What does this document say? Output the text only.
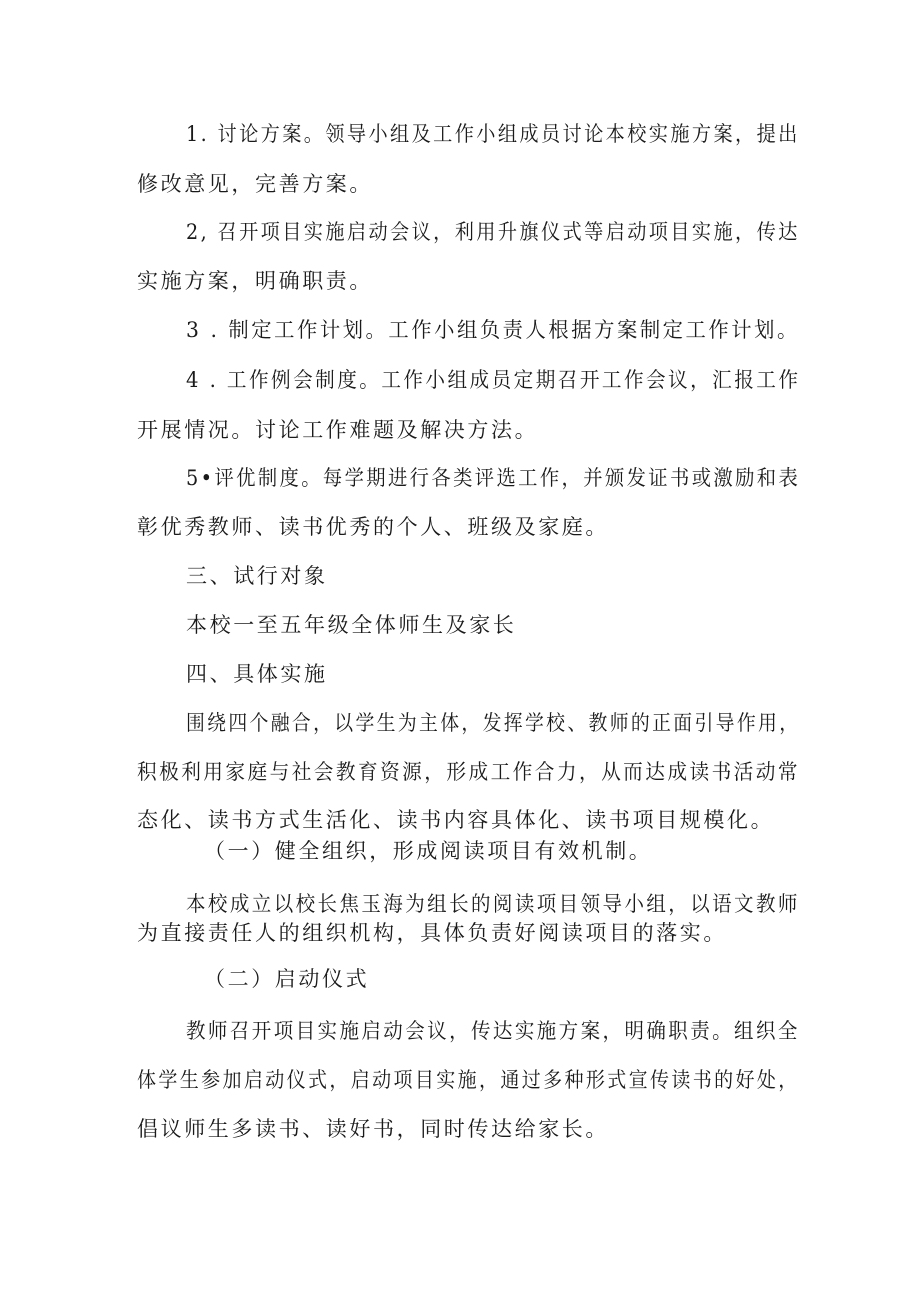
1. 讨论方案。领导小组及工作小组成员讨论本校实施方案，提出
修改意见，完善方案。
2, 召开项目实施启动会议，利用升旗仪式等启动项目实施，传达
实施方案，明确职责。
3 . 制定工作计划。工作小组负责人根据方案制定工作计划。
4 . 工作例会制度。工作小组成员定期召开工作会议，汇报工作
开展情况。讨论工作难题及解决方法。
5•评优制度。每学期进行各类评选工作，并颁发证书或激励和表
彰优秀教师、读书优秀的个人、班级及家庭。
三、试行对象
本校一至五年级全体师生及家长
四、具体实施
围绕四个融合，以学生为主体，发挥学校、教师的正面引导作用，
积极利用家庭与社会教育资源，形成工作合力，从而达成读书活动常
态化、读书方式生活化、读书内容具体化、读书项目规模化。
（一）健全组织，形成阅读项目有效机制。
本校成立以校长焦玉海为组长的阅读项目领导小组，以语文教师
为直接责任人的组织机构，具体负责好阅读项目的落实。
（二）启动仪式
教师召开项目实施启动会议，传达实施方案，明确职责。组织全
体学生参加启动仪式，启动项目实施，通过多种形式宣传读书的好处，
倡议师生多读书、读好书，同时传达给家长。
